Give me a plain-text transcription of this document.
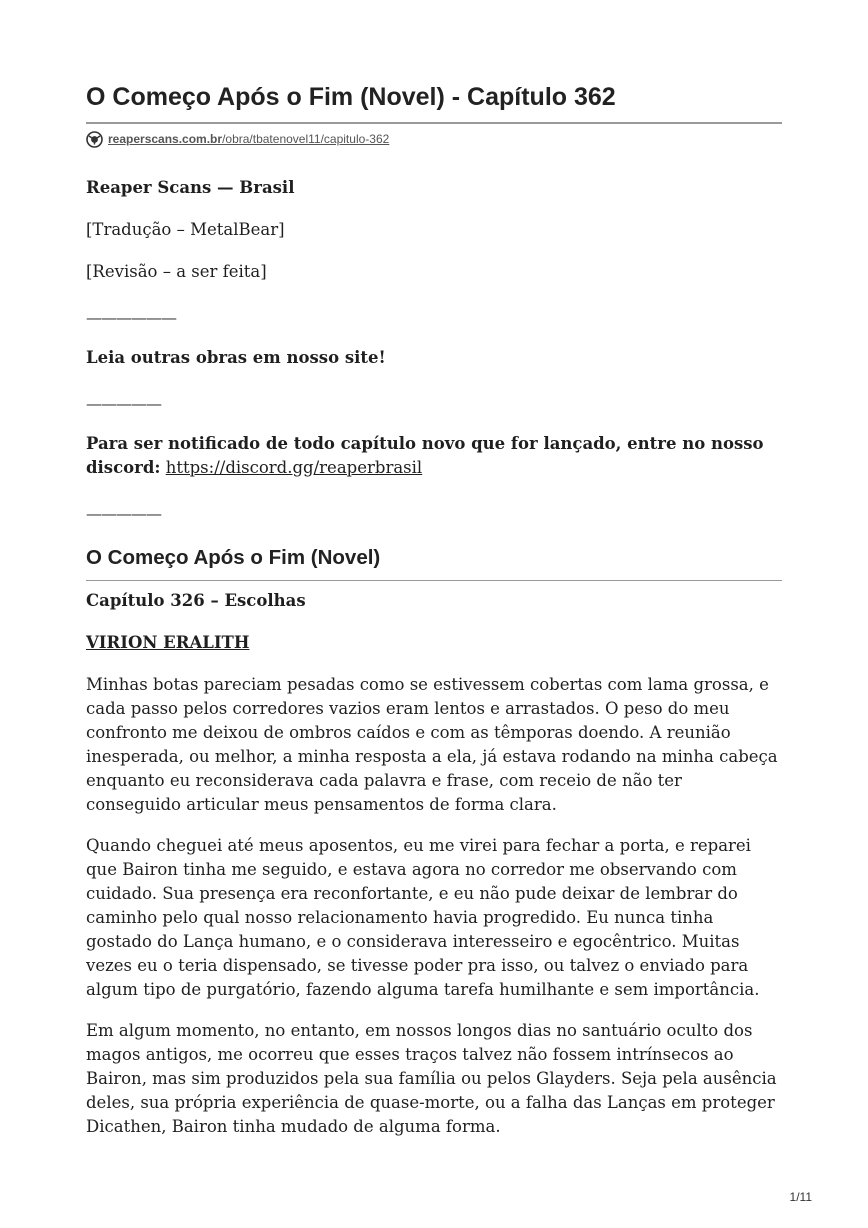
O Começo Após o Fim (Novel) - Capítulo 362
reaperscans.com.br/obra/tbatenovel11/capitulo-362

Reaper Scans — Brasil

[Tradução – MetalBear]

[Revisão – a ser feita]

——————

Leia outras obras em nosso site!

—————

Para ser notificado de todo capítulo novo que for lançado, entre no nosso
discord: https://discord.gg/reaperbrasil

—————

O Começo Após o Fim (Novel)

Capítulo 326 – Escolhas

VIRION ERALITH

Minhas botas pareciam pesadas como se estivessem cobertas com lama grossa, e cada passo pelos corredores vazios eram lentos e arrastados. O peso do meu confronto me deixou de ombros caídos e com as têmporas doendo. A reunião inesperada, ou melhor, a minha resposta a ela, já estava rodando na minha cabeça enquanto eu reconsiderava cada palavra e frase, com receio de não ter conseguido articular meus pensamentos de forma clara.

Quando cheguei até meus aposentos, eu me virei para fechar a porta, e reparei que Bairon tinha me seguido, e estava agora no corredor me observando com cuidado. Sua presença era reconfortante, e eu não pude deixar de lembrar do caminho pelo qual nosso relacionamento havia progredido. Eu nunca tinha gostado do Lança humano, e o considerava interesseiro e egocêntrico. Muitas vezes eu o teria dispensado, se tivesse poder pra isso, ou talvez o enviado para algum tipo de purgatório, fazendo alguma tarefa humilhante e sem importância.

Em algum momento, no entanto, em nossos longos dias no santuário oculto dos magos antigos, me ocorreu que esses traços talvez não fossem intrínsecos ao Bairon, mas sim produzidos pela sua família ou pelos Glayders. Seja pela ausência deles, sua própria experiência de quase-morte, ou a falha das Lanças em proteger Dicathen, Bairon tinha mudado de alguma forma.

1/11
